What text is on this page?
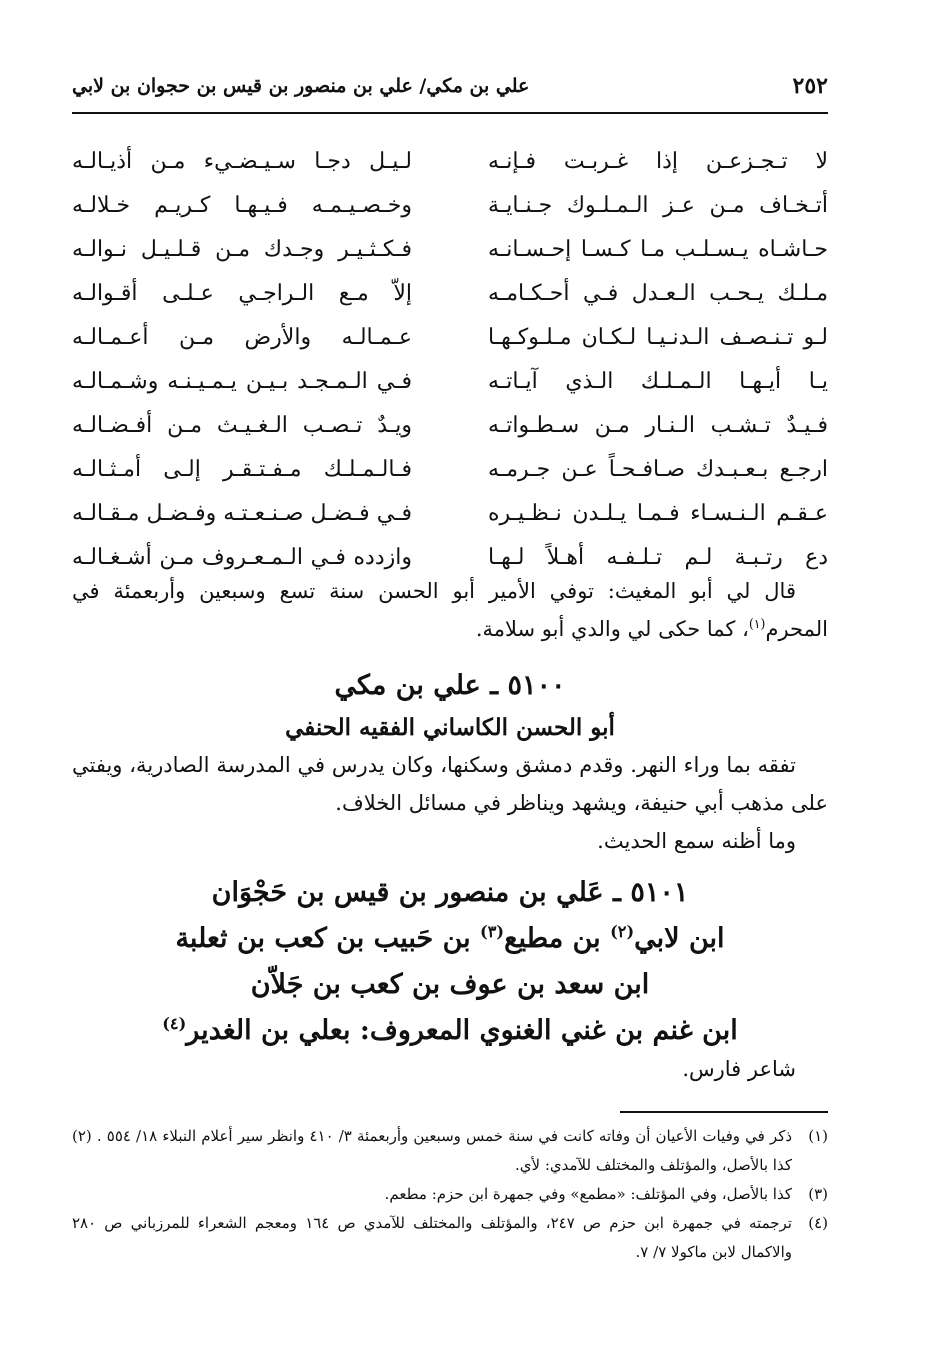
٢٥٢
علي بن مكي/ علي بن منصور بن قيس بن حجوان بن لابي
لا تـجـزعـن إذا غـربـت فـإنـه
لـيـل دجـا سـيـضـيء مـن أذيـالـه
أتـخـاف مـن عـز الـمـلـوك جـنـايـة
وخـصـيـمـه فـيـهـا كـريـم خـلالـه
حـاشـاه يـسـلـب مـا كـسـا إحـسـانـه
فـكـثـيـر وجـدك مـن قـلـيـل نـوالـه
مـلـك يـحـب الـعـدل فـي أحـكـامـه
إلاّ مـع الـراجـي عـلـى أقـوالـه
لـو تـنـصـف الـدنـيـا لـكـان مـلـوكـهـا
عـمـالـه والأرض مـن أعـمـالـه
يـا أيـهـا الـمـلـك الـذي آيـاتـه
فـي الـمـجـد بـيـن يـمـيـنـه وشـمـالـه
فـيـدٌ تـشـب الـنـار مـن سـطـواتـه
ويـدٌ تـصـب الـغـيـث مـن أفـضـالـه
ارجـع بـعـبـدك صـافـحـاً عـن جـرمـه
فـالـمـلـك مـفـتـقـر إلـى أمـثـالـه
عـقـم الـنـسـاء فـمـا يـلـدن نـظـيـره
فـي فـضـل صـنـعـتـه وفـضـل مـقـالـه
دع رتـبـة لـم تـلـفـه أهـلاً لـهـا
وازدده فـي الـمـعـروف مـن أشـغـالـه

قال لي أبو المغيث: توفي الأمير أبو الحسن سنة تسع وسبعين وأربعمئة في المحرم$^{(١)}$، كما حكى لي والدي أبو سلامة.

٥١٠٠ ـ علي بن مكي
أبو الحسن الكاساني الفقيه الحنفي

تفقه بما وراء النهر. وقدم دمشق وسكنها، وكان يدرس في المدرسة الصادرية، ويفتي على مذهب أبي حنيفة، ويشهد ويناظر في مسائل الخلاف.

وما أظنه سمع الحديث.

٥١٠١ ـ عَلي بن منصور بن قيس بن حَجْوَان
ابن لابي$^{(٢)}$ بن مطيع$^{(٣)}$ بن حَبيب بن كعب بن ثعلبة
ابن سعد بن عوف بن كعب بن جَلاّن
ابن غنم بن غني الغنوي المعروف: بعلي بن الغدير$^{(٤)}$

شاعر فارس.

(١)
ذكر في وفيات الأعيان أن وفاته كانت في سنة خمس وسبعين وأربعمئة ٣/ ٤١٠ وانظر سير أعلام النبلاء ١٨/ ٥٥٤ . (٢) كذا بالأصل، والمؤتلف والمختلف للآمدي: لأي.
(٣)
كذا بالأصل، وفي المؤتلف: «مطمع» وفي جمهرة ابن حزم: مطعم.
(٤)
ترجمته في جمهرة ابن حزم ص ٢٤٧، والمؤتلف والمختلف للآمدي ص ١٦٤ ومعجم الشعراء للمرزباني ص ٢٨٠ والاكمال لابن ماكولا ٧/ ٧.
